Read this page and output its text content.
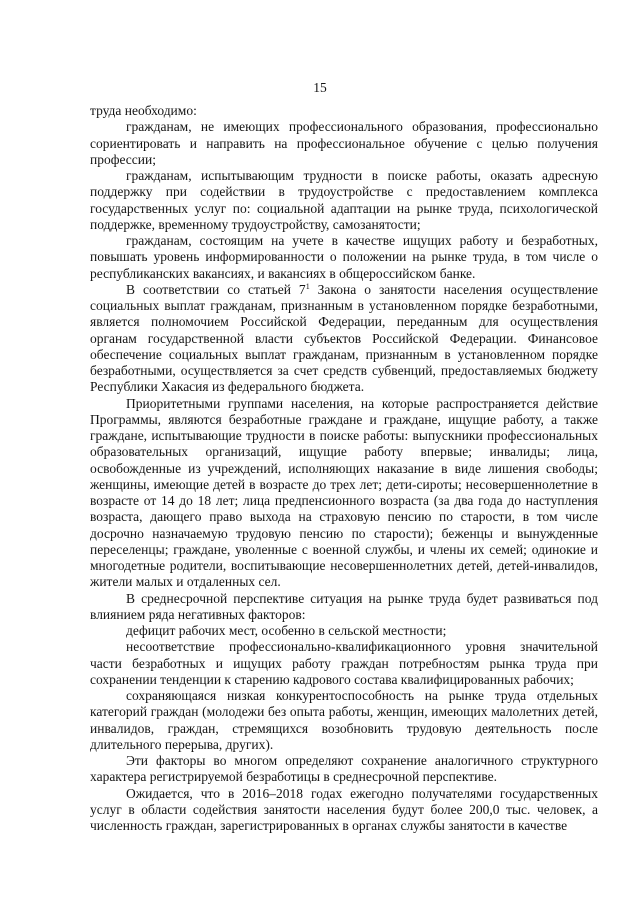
15

труда необходимо:

гражданам, не имеющих профессионального образования, профессионально сориентировать и направить на профессиональное обучение с целью получения профессии;

гражданам, испытывающим трудности в поиске работы, оказать адресную поддержку при содействии в трудоустройстве с предоставлением комплекса государственных услуг по: социальной адаптации на рынке труда, психологической поддержке, временному трудоустройству, самозанятости;

гражданам, состоящим на учете в качестве ищущих работу и безработных, повышать уровень информированности о положении на рынке труда, в том числе о республиканских вакансиях, и вакансиях в общероссийском банке.

В соответствии со статьей $7^1$ Закона о занятости населения осуществление социальных выплат гражданам, признанным в установленном порядке безработными, является полномочием Российской Федерации, переданным для осуществления органам государственной власти субъектов Российской Федерации. Финансовое обеспечение социальных выплат гражданам, признанным в установленном порядке безработными, осуществляется за счет средств субвенций, предоставляемых бюджету Республики Хакасия из федерального бюджета.

Приоритетными группами населения, на которые распространяется действие Программы, являются безработные граждане и граждане, ищущие работу, а также граждане, испытывающие трудности в поиске работы: выпускники профессиональных образовательных организаций, ищущие работу впервые; инвалиды; лица, освобожденные из учреждений, исполняющих наказание в виде лишения свободы; женщины, имеющие детей в возрасте до трех лет; дети-сироты; несовершеннолетние в возрасте от 14 до 18 лет; лица предпенсионного возраста (за два года до наступления возраста, дающего право выхода на страховую пенсию по старости, в том числе досрочно назначаемую трудовую пенсию по старости); беженцы и вынужденные переселенцы; граждане, уволенные с военной службы, и члены их семей; одинокие и многодетные родители, воспитывающие несовершеннолетних детей, детей-инвалидов, жители малых и отдаленных сел.

В среднесрочной перспективе ситуация на рынке труда будет развиваться под влиянием ряда негативных факторов:

дефицит рабочих мест, особенно в сельской местности;

несоответствие профессионально-квалификационного уровня значительной части безработных и ищущих работу граждан потребностям рынка труда при сохранении тенденции к старению кадрового состава квалифицированных рабочих;

сохраняющаяся низкая конкурентоспособность на рынке труда отдельных категорий граждан (молодежи без опыта работы, женщин, имеющих малолетних детей, инвалидов, граждан, стремящихся возобновить трудовую деятельность после длительного перерыва, других).

Эти факторы во многом определяют сохранение аналогичного структурного характера регистрируемой безработицы в среднесрочной перспективе.

Ожидается, что в 2016–2018 годах ежегодно получателями государственных услуг в области содействия занятости населения будут более 200,0 тыс. человек, а численность граждан, зарегистрированных в органах службы занятости в качестве
